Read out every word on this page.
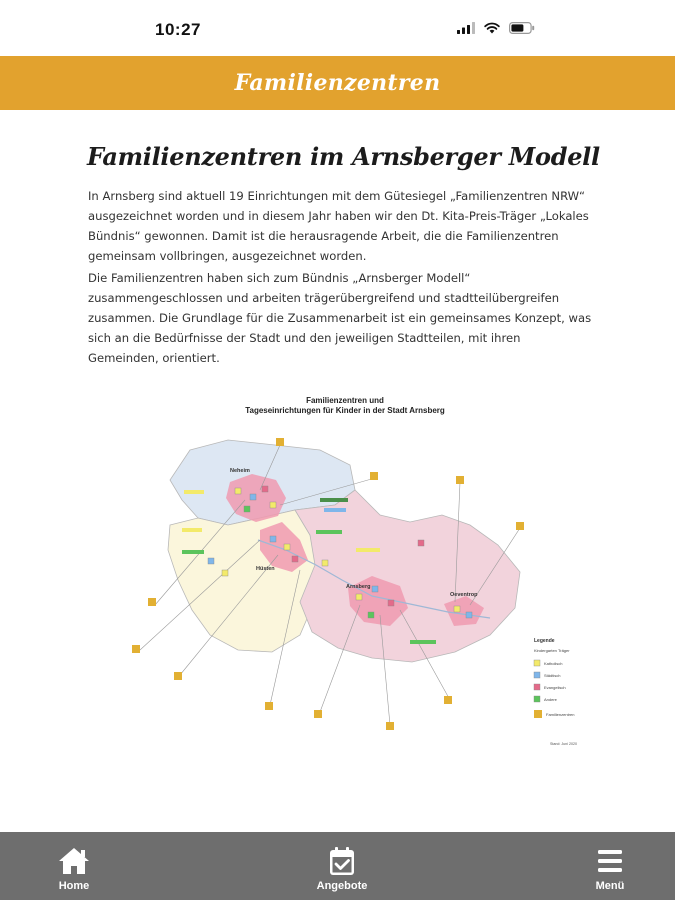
10:27
Familienzentren
Familienzentren im Arnsberger Modell

In Arnsberg sind aktuell 19 Einrichtungen mit dem Gütesiegel „Familienzentren NRW“ ausgezeichnet worden und in diesem Jahr haben wir den Dt. Kita-Preis-Träger „Lokales Bündnis“ gewonnen. Damit ist die herausragende Arbeit, die die Familienzentren gemeinsam vollbringen, ausgezeichnet worden.

Die Familienzentren haben sich zum Bündnis „Arnsberger Modell“ zusammengeschlossen und arbeiten trägerübergreifend und stadtteilübergreifen zusammen. Die Grundlage für die Zusammenarbeit ist ein gemeinsames Konzept, was sich an die Bedürfnisse der Stadt und den jeweiligen Stadtteilen, mit ihren Gemeinden, orientiert.

Familienzentren und
Tageseinrichtungen für Kinder in der Stadt Arnsberg
Neheim
Hüsten
Arnsberg
Oeventrop
Legende
Kindergarten Träger
Katholisch
Städtisch
Evangelisch
Andere
Familienzentren
Stand: Juni 2020
Home	Angebote	Menü
